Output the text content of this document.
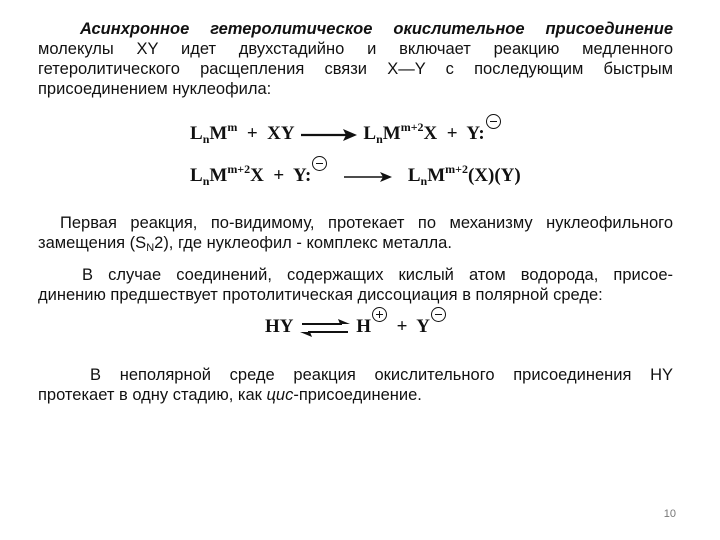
Асинхронное гетеролитическое окислительное присоединение
молекулы XY идет двухстадийно и включает реакцию медленного
гетеролитического расщепления связи X—Y с последующим быстрым
присоединением нуклеофила:
$L_nM^m$ + XY → $L_nM^{m+2}X + Y$:
$L_nM^{m+2}X + Y$: → $L_nM^{m+2}(X)(Y)$
Первая реакция, по-видимому, протекает по механизму нуклеофильного
замещения $(S_N2)$, где нуклеофил - комплекс металла.
В случае соединений, содержащих кислый атом водорода, присое-
динению предшествует протолитическая диссоциация в полярной среде:
HY ⇌ H + Y
В неполярной среде реакция окислительного присоединения HY
протекает в одну стадию, как цис-присоединение.
10
